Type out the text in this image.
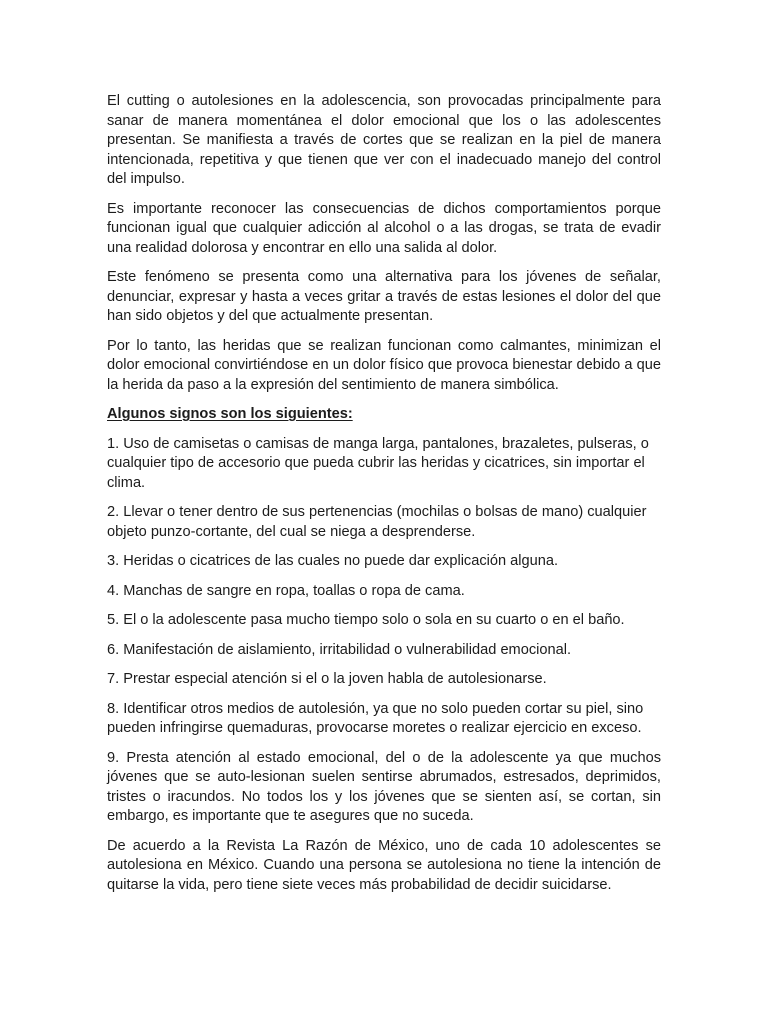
El cutting o autolesiones en la adolescencia, son provocadas principalmente para sanar de manera momentánea el dolor emocional que los o las adolescentes presentan. Se manifiesta a través de cortes que se realizan en la piel de manera intencionada, repetitiva y que tienen que ver con el inadecuado manejo del control del impulso.

Es importante reconocer las consecuencias de dichos comportamientos porque funcionan igual que cualquier adicción al alcohol o a las drogas, se trata de evadir una realidad dolorosa y encontrar en ello una salida al dolor.

Este fenómeno se presenta como una alternativa para los jóvenes de señalar, denunciar, expresar y hasta a veces gritar a través de estas lesiones el dolor del que han sido objetos y del que actualmente presentan.

Por lo tanto, las heridas que se realizan funcionan como calmantes, minimizan el dolor emocional convirtiéndose en un dolor físico que provoca bienestar debido a que la herida da paso a la expresión del sentimiento de manera simbólica.

Algunos signos son los siguientes:

1. Uso de camisetas o camisas de manga larga, pantalones, brazaletes, pulseras, o cualquier tipo de accesorio que pueda cubrir las heridas y cicatrices, sin importar el clima.

2. Llevar o tener dentro de sus pertenencias (mochilas o bolsas de mano) cualquier objeto punzo-cortante, del cual se niega a desprenderse.

3. Heridas o cicatrices de las cuales no puede dar explicación alguna.

4. Manchas de sangre en ropa, toallas o ropa de cama.

5. El o la adolescente pasa mucho tiempo solo o sola en su cuarto o en el baño.

6. Manifestación de aislamiento, irritabilidad o vulnerabilidad emocional.

7. Prestar especial atención si el o la joven habla de autolesionarse.

8. Identificar otros medios de autolesión, ya que no solo pueden cortar su piel, sino pueden infringirse quemaduras, provocarse moretes o realizar ejercicio en exceso.

9. Presta atención al estado emocional, del o de la adolescente ya que muchos jóvenes que se auto-lesionan suelen sentirse abrumados, estresados, deprimidos, tristes o iracundos. No todos los y los jóvenes que se sienten así, se cortan, sin embargo, es importante que te asegures que no suceda.

De acuerdo a la Revista La Razón de México, uno de cada 10 adolescentes se autolesiona en México. Cuando una persona se autolesiona no tiene la intención de quitarse la vida, pero tiene siete veces más probabilidad de decidir suicidarse.
